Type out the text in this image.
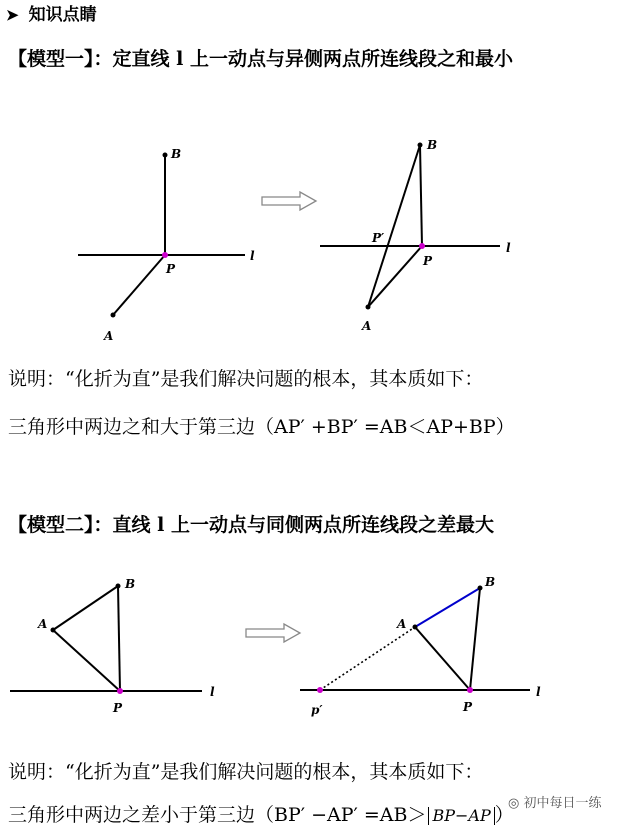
➤ 知识点睛
【模型一】：定直线 l 上一动点与异侧两点所连线段之和最小
B
P
A
l
B
P
A
P′
l
B
A
P
l
B
A
P
p′
l
说明：“化折为直”是我们解决问题的根本，其本质如下：
三角形中两边之和大于第三边（AP′ +BP′ =AB＜AP+BP）
【模型二】：直线 l 上一动点与同侧两点所连线段之差最大
说明：“化折为直”是我们解决问题的根本，其本质如下：
三角形中两边之差小于第三边（BP′ −AP′ =AB＞ BP−AP ）
◎ 初中每日一练
